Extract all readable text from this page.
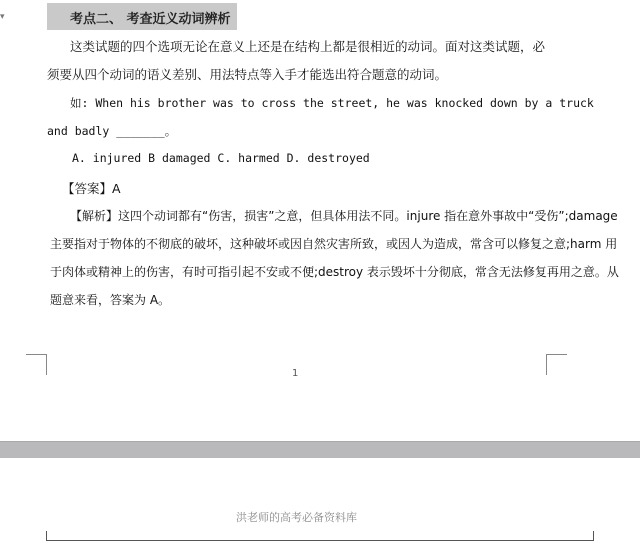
▾	考点二、 考查近义动词辨析
这类试题的四个选项无论在意义上还是在结构上都是很相近的动词。面对这类试题，必
须要从四个动词的语义差别、用法特点等入手才能选出符合题意的动词。
如: When his brother was to cross the street, he was knocked down by a truck
and badly _______。
A. injured B damaged C. harmed D. destroyed
【答案】A
【解析】这四个动词都有“伤害，损害”之意，但具体用法不同。injure 指在意外事故中“受伤”;damage
主要指对于物体的不彻底的破坏，这种破坏或因自然灾害所致，或因人为造成，常含可以修复之意;harm 用
于肉体或精神上的伤害，有时可指引起不安或不便;destroy 表示毁坏十分彻底，常含无法修复再用之意。从
题意来看，答案为 A。
1
洪老师的高考必备资料库
